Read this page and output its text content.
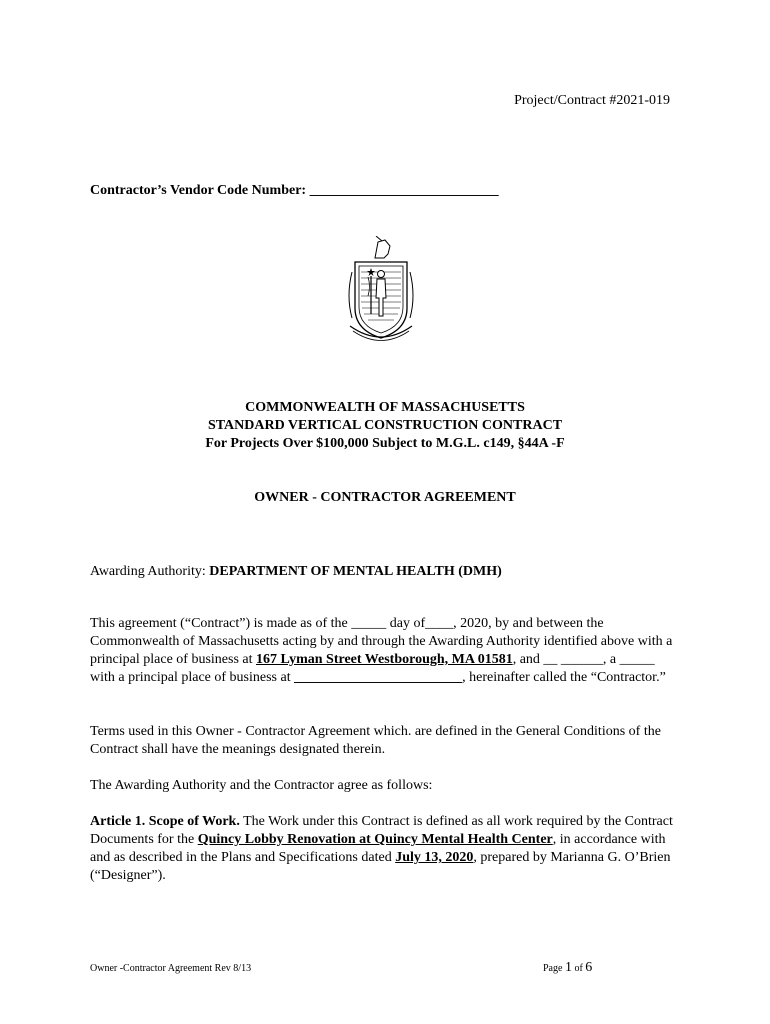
Project/Contract #2021-019
Contractor’s Vendor Code Number: ___________________________
COMMONWEALTH OF MASSACHUSETTS
STANDARD VERTICAL CONSTRUCTION CONTRACT
For Projects Over $100,000 Subject to M.G.L. c149, §44A -F
OWNER - CONTRACTOR AGREEMENT
Awarding Authority: DEPARTMENT OF MENTAL HEALTH (DMH)
This agreement (“Contract”) is made as of the _____ day of____, 2020, by and between the Commonwealth of Massachusetts acting by and through the Awarding Authority identified above with a principal place of business at 167 Lyman Street Westborough, MA 01581, and __ ______, a _____ with a principal place of business at ________________________, hereinafter called the “Contractor.”
Terms used in this Owner - Contractor Agreement which. are defined in the General Conditions of the Contract shall have the meanings designated therein.
The Awarding Authority and the Contractor agree as follows:
Article 1. Scope of Work. The Work under this Contract is defined as all work required by the Contract Documents for the Quincy Lobby Renovation at Quincy Mental Health Center, in accordance with and as described in the Plans and Specifications dated July 13, 2020, prepared by Marianna G. O’Brien (“Designer”).
Owner -Contractor Agreement Rev 8/13	Page 1 of 6
